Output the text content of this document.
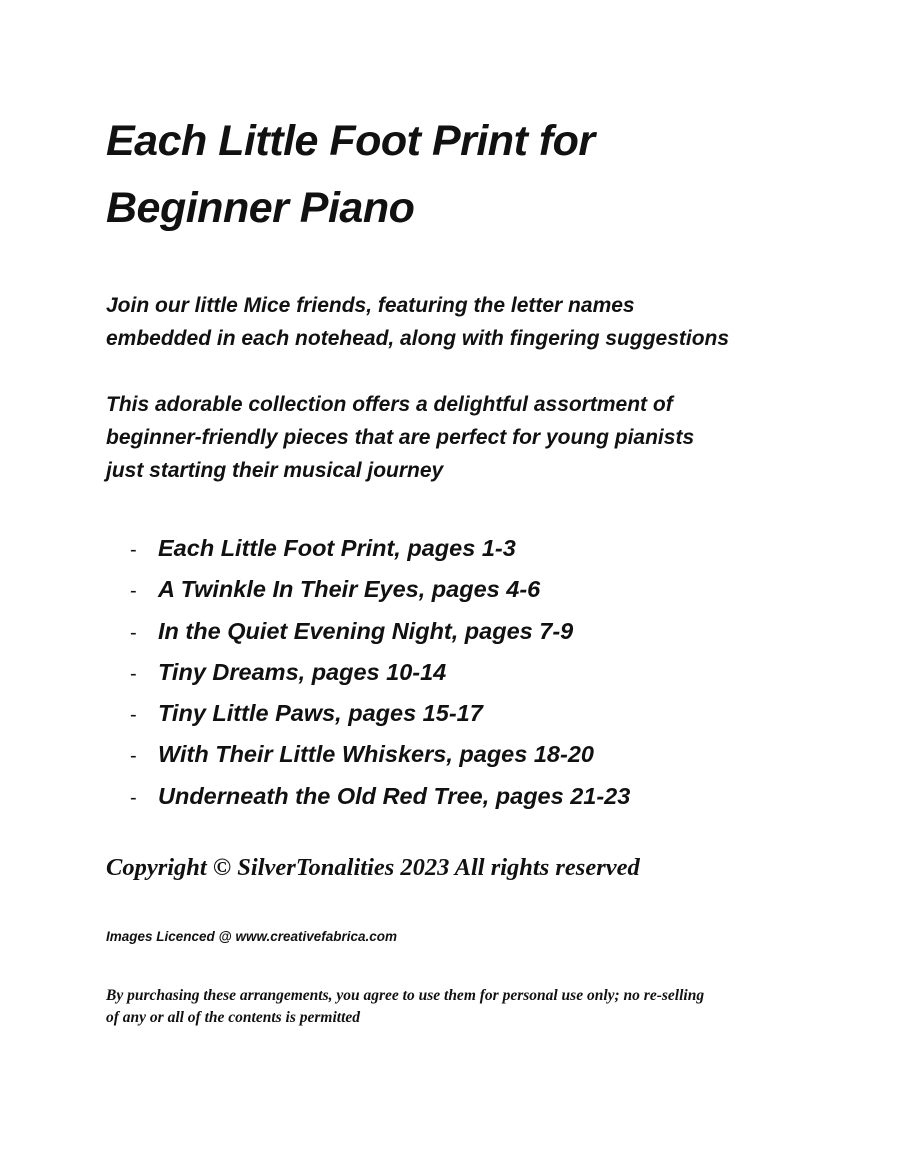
Each Little Foot Print for
Beginner Piano

Join our little Mice friends, featuring the letter names
embedded in each notehead, along with fingering suggestions

This adorable collection offers a delightful assortment of
beginner-friendly pieces that are perfect for young pianists
just starting their musical journey

- Each Little Foot Print, pages 1-3
- A Twinkle In Their Eyes, pages 4-6
- In the Quiet Evening Night, pages 7-9
- Tiny Dreams, pages 10-14
- Tiny Little Paws, pages 15-17
- With Their Little Whiskers, pages 18-20
- Underneath the Old Red Tree, pages 21-23

Copyright © SilverTonalities 2023 All rights reserved

Images Licenced @ www.creativefabrica.com

By purchasing these arrangements, you agree to use them for personal use only; no re-selling
of any or all of the contents is permitted
